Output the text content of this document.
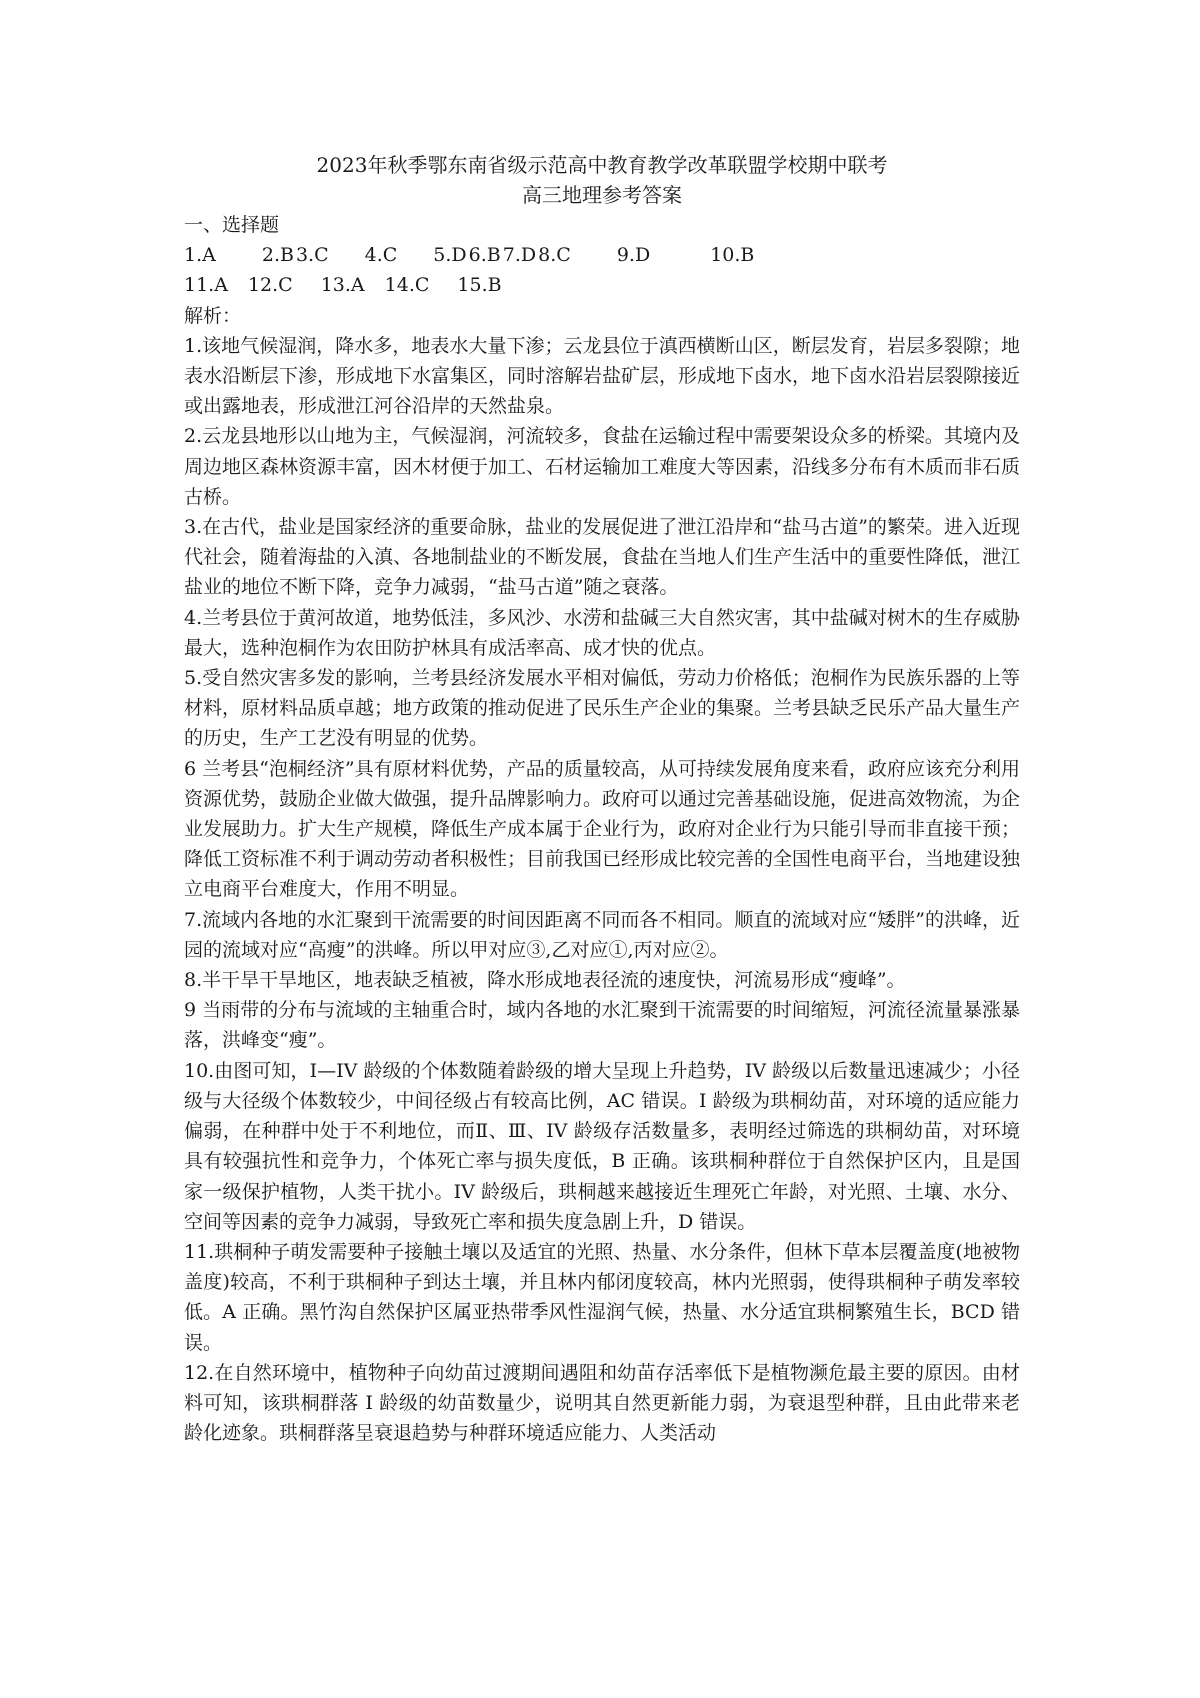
2023年秋季鄂东南省级示范高中教育教学改革联盟学校期中联考

高三地理参考答案

一、选择题

1.A 2.B 3.C 4.C 5.D 6.B 7.D 8.C 9.D	10.B

11.A 12.C 13.A 14.C 15.B

解析：

1.该地气候湿润，降水多，地表水大量下渗；云龙县位于滇西横断山区，断层发育，岩层多裂隙；地表水沿断层下渗，形成地下水富集区，同时溶解岩盐矿层，形成地下卤水，地下卤水沿岩层裂隙接近或出露地表，形成泄江河谷沿岸的天然盐泉。

2.云龙县地形以山地为主，气候湿润，河流较多，食盐在运输过程中需要架设众多的桥梁。其境内及周边地区森林资源丰富，因木材便于加工、石材运输加工难度大等因素，沿线多分布有木质而非石质古桥。

3.在古代，盐业是国家经济的重要命脉，盐业的发展促进了泄江沿岸和“盐马古道”的繁荣。进入近现代社会，随着海盐的入滇、各地制盐业的不断发展，食盐在当地人们生产生活中的重要性降低，泄江盐业的地位不断下降，竞争力减弱，“盐马古道”随之衰落。

4.兰考县位于黄河故道，地势低洼，多风沙、水涝和盐碱三大自然灾害，其中盐碱对树木的生存威胁最大，选种泡桐作为农田防护林具有成活率高、成才快的优点。

5.受自然灾害多发的影响，兰考县经济发展水平相对偏低，劳动力价格低；泡桐作为民族乐器的上等材料，原材料品质卓越；地方政策的推动促进了民乐生产企业的集聚。兰考县缺乏民乐产品大量生产的历史，生产工艺没有明显的优势。

6 兰考县“泡桐经济”具有原材料优势，产品的质量较高，从可持续发展角度来看，政府应该充分利用资源优势，鼓励企业做大做强，提升品牌影响力。政府可以通过完善基础设施，促进高效物流，为企业发展助力。扩大生产规模，降低生产成本属于企业行为，政府对企业行为只能引导而非直接干预；降低工资标准不利于调动劳动者积极性；目前我国已经形成比较完善的全国性电商平台，当地建设独立电商平台难度大，作用不明显。

7.流域内各地的水汇聚到干流需要的时间因距离不同而各不相同。顺直的流域对应“矮胖”的洪峰，近园的流域对应“高瘦”的洪峰。所以甲对应③,乙对应①,丙对应②。

8.半干旱干旱地区，地表缺乏植被，降水形成地表径流的速度快，河流易形成“瘦峰”。

9 当雨带的分布与流域的主轴重合时，域内各地的水汇聚到干流需要的时间缩短，河流径流量暴涨暴落，洪峰变“瘦”。

10.由图可知，I—IV 龄级的个体数随着龄级的增大呈现上升趋势，IV 龄级以后数量迅速减少；小径级与大径级个体数较少，中间径级占有较高比例，AC 错误。I 龄级为珙桐幼苗，对环境的适应能力偏弱，在种群中处于不利地位，而Ⅱ、Ⅲ、IV 龄级存活数量多，表明经过筛选的珙桐幼苗，对环境具有较强抗性和竞争力，个体死亡率与损失度低，B 正确。该珙桐种群位于自然保护区内，且是国家一级保护植物，人类干扰小。IV 龄级后，珙桐越来越接近生理死亡年龄，对光照、土壤、水分、空间等因素的竞争力减弱，导致死亡率和损失度急剧上升，D 错误。

11.珙桐种子萌发需要种子接触土壤以及适宜的光照、热量、水分条件，但林下草本层覆盖度(地被物盖度)较高，不利于珙桐种子到达土壤，并且林内郁闭度较高，林内光照弱，使得珙桐种子萌发率较低。A 正确。黑竹沟自然保护区属亚热带季风性湿润气候，热量、水分适宜珙桐繁殖生长，BCD 错误。

12.在自然环境中，植物种子向幼苗过渡期间遇阻和幼苗存活率低下是植物濒危最主要的原因。由材料可知，该珙桐群落 I 龄级的幼苗数量少，说明其自然更新能力弱，为衰退型种群，且由此带来老龄化迹象。珙桐群落呈衰退趋势与种群环境适应能力、人类活动
